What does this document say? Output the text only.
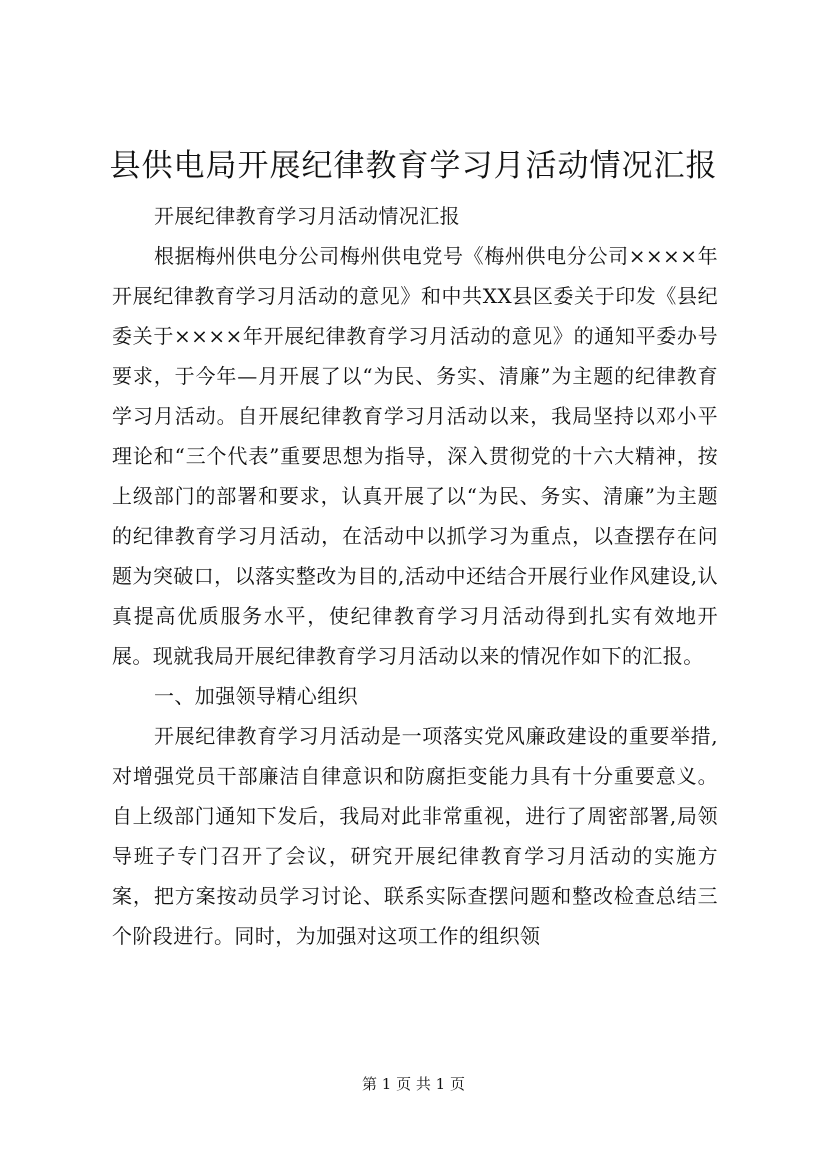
县供电局开展纪律教育学习月活动情况汇报

开展纪律教育学习月活动情况汇报

根据梅州供电分公司梅州供电党号《梅州供电分公司××××年开展纪律教育学习月活动的意见》和中共XX县区委关于印发《县纪委关于××××年开展纪律教育学习月活动的意见》的通知平委办号要求，于今年—月开展了以“为民、务实、清廉”为主题的纪律教育学习月活动。自开展纪律教育学习月活动以来，我局坚持以邓小平理论和“三个代表”重要思想为指导，深入贯彻党的十六大精神，按上级部门的部署和要求，认真开展了以“为民、务实、清廉”为主题的纪律教育学习月活动，在活动中以抓学习为重点，以查摆存在问题为突破口，以落实整改为目的,活动中还结合开展行业作风建设,认真提高优质服务水平，使纪律教育学习月活动得到扎实有效地开展。现就我局开展纪律教育学习月活动以来的情况作如下的汇报。

一、加强领导精心组织

开展纪律教育学习月活动是一项落实党风廉政建设的重要举措,对增强党员干部廉洁自律意识和防腐拒变能力具有十分重要意义。自上级部门通知下发后，我局对此非常重视，进行了周密部署,局领导班子专门召开了会议，研究开展纪律教育学习月活动的实施方案，把方案按动员学习讨论、联系实际查摆问题和整改检查总结三个阶段进行。同时，为加强对这项工作的组织领

第 1 页 共 1 页
